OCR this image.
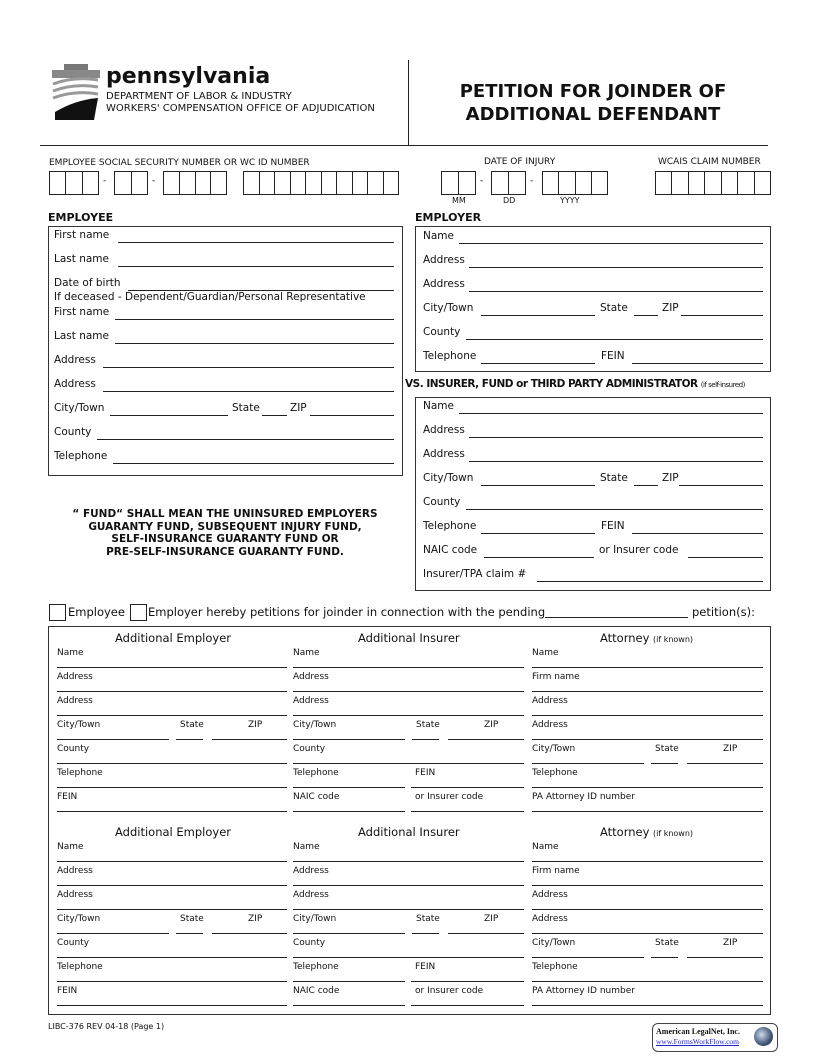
pennsylvania
DEPARTMENT OF LABOR & INDUSTRY
WORKERS' COMPENSATION OFFICE OF ADJUDICATION
PETITION FOR JOINDER OF
ADDITIONAL DEFENDANT
EMPLOYEE SOCIAL SECURITY NUMBER OR WC ID NUMBER	DATE OF INJURY	WCAIS CLAIM NUMBER
MM	DD	YYYY
EMPLOYEE	EMPLOYER
VS. INSURER, FUND or THIRD PARTY ADMINISTRATOR (if self-insured)
“ FUND“ SHALL MEAN THE UNINSURED EMPLOYERS
GUARANTY FUND, SUBSEQUENT INJURY FUND,
SELF-INSURANCE GUARANTY FUND OR
PRE-SELF-INSURANCE GUARANTY FUND.
Employee Employer hereby petitions for joinder in connection with the pending	petition(s):
LIBC-376 REV 04-18 (Page 1)
American LegalNet, Inc.
www.FormsWorkFlow.com
-	-	-	-
First name
Last name
Date of birth
If deceased - Dependent/Guardian/Personal Representative
First name
Last name
Address
Address
City/Town	State	ZIP
County
Telephone
Name
Address
Address
City/Town	State	ZIP
County
Telephone	FEIN
Name
Address
Address
City/Town	State	ZIP
County
Telephone	FEIN
NAIC code	or Insurer code
Insurer/TPA claim #
Additional Employer	Additional Insurer	Attorney (if known)
Name
Address
Address
City/Town	State	ZIP
County
Telephone
FEIN
Name
Address
Address
City/Town	State	ZIP
County
Telephone	FEIN
NAIC code	or Insurer code
Name
Firm name
Address
Address
City/Town	State	ZIP
Telephone
PA Attorney ID number
Additional Employer	Additional Insurer	Attorney (if known)
Name
Address
Address
City/Town	State	ZIP
County
Telephone
FEIN
Name
Address
Address
City/Town	State	ZIP
County
Telephone	FEIN
NAIC code	or Insurer code
Name
Firm name
Address
Address
City/Town	State	ZIP
Telephone
PA Attorney ID number
